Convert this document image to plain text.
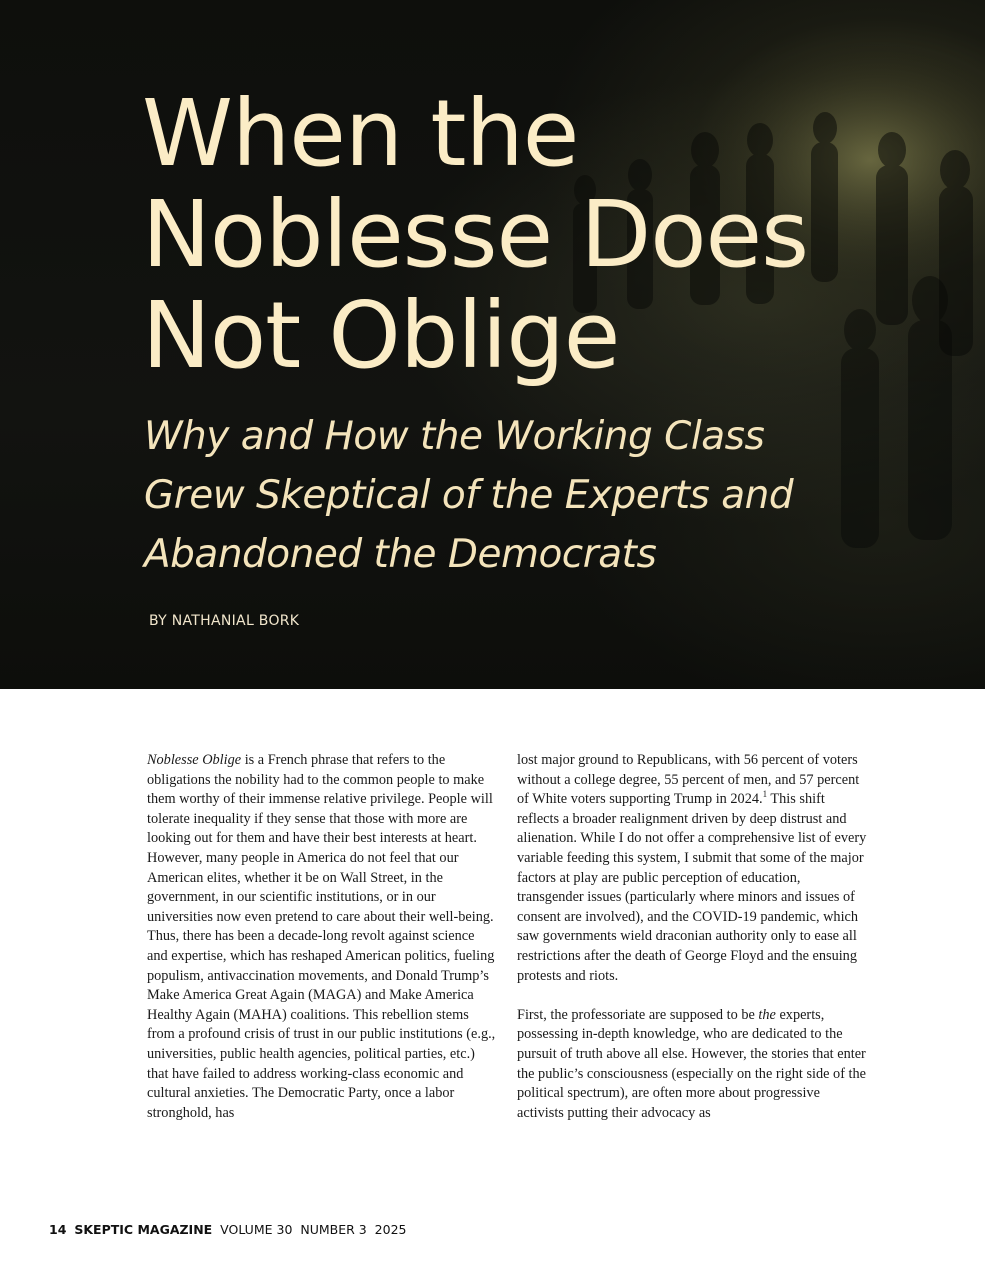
When the
Noblesse Does
Not Oblige
Why and How the Working Class
Grew Skeptical of the Experts and
Abandoned the Democrats
BY NATHANIAL BORK

Noblesse Oblige is a French phrase that refers to the obligations the nobility had to the common people to make them worthy of their immense relative privilege. People will tolerate inequality if they sense that those with more are looking out for them and have their best interests at heart. However, many people in America do not feel that our American elites, whether it be on Wall Street, in the government, in our scientific institutions, or in our universities now even pretend to care about their well-being. Thus, there has been a decade-long revolt against science and expertise, which has reshaped American politics, fueling populism, antivaccination movements, and Donald Trump’s Make America Great Again (MAGA) and Make America Healthy Again (MAHA) coalitions. This rebellion stems from a profound crisis of trust in our public institutions (e.g., universities, public health agencies, political parties, etc.) that have failed to address working-class economic and cultural anxieties. The Democratic Party, once a labor stronghold, has

lost major ground to Republicans, with 56 percent of voters without a college degree, 55 percent of men, and 57 percent of White voters supporting Trump in 2024.$^1$ This shift reflects a broader realignment driven by deep distrust and alienation. While I do not offer a comprehensive list of every variable feeding this system, I submit that some of the major factors at play are public perception of education, transgender issues (particularly where minors and issues of consent are involved), and the COVID-19 pandemic, which saw governments wield draconian authority only to ease all restrictions after the death of George Floyd and the ensuing protests and riots.

First, the professoriate are supposed to be the experts, possessing in-depth knowledge, who are dedicated to the pursuit of truth above all else. However, the stories that enter the public’s consciousness (especially on the right side of the political spectrum), are often more about progressive activists putting their advocacy as

14 SKEPTIC MAGAZINE VOLUME 30  NUMBER 3  2025
